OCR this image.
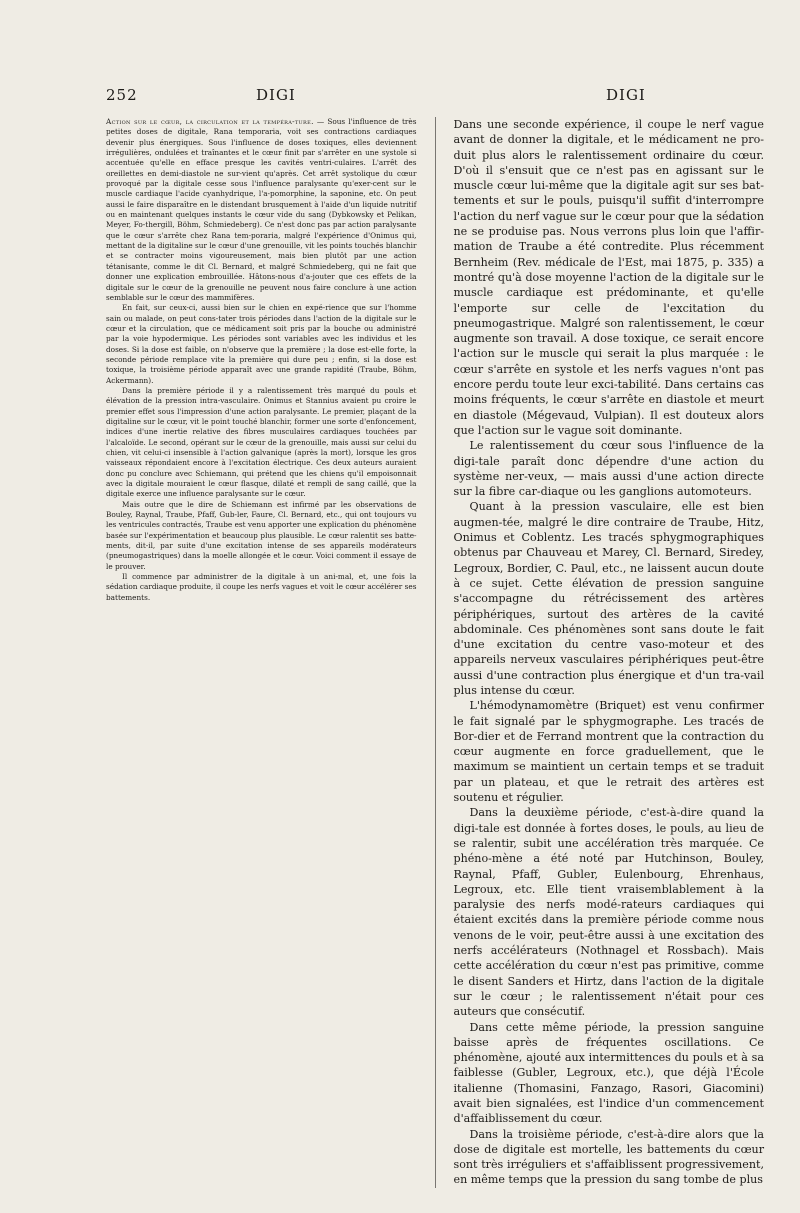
252	DIGI	DIGI

Action sur le cœur, la circulation et la tempéra-ture. — Sous l'influence de très petites doses de digitale, Rana temporaria, voit ses contractions cardiaques devenir plus énergiques. Sous l'influence de doses toxiques, elles deviennent irrégulières, ondulées et traînantes et le cœur finit par s'arrêter en une systole si accentuée qu'elle en efface presque les cavités ventri-culaires. L'arrêt des oreillettes en demi-diastole ne sur-vient qu'après. Cet arrêt systolique du cœur provoqué par la digitale cesse sous l'influence paralysante qu'exer-cent sur le muscle cardiaque l'acide cyanhydrique, l'a-pomorphine, la saponine, etc. On peut aussi le faire disparaître en le distendant brusquement à l'aide d'un liquide nutritif ou en maintenant quelques instants le cœur vide du sang (Dybkowsky et Pelikan, Meyer, Fo-thergill, Böhm, Schmiedeberg). Ce n'est donc pas par action paralysante que le cœur s'arrête chez Rana tem-poraria, malgré l'expérience d'Onimus qui, mettant de la digitaline sur le cœur d'une grenouille, vit les points touchés blanchir et se contracter moins vigoureusement, mais bien plutôt par une action tétanisante, comme le dit Cl. Bernard, et malgré Schmiedeberg, qui ne fait que donner une explication embrouillée. Hâtons-nous d'a-jouter que ces effets de la digitale sur le cœur de la grenouille ne peuvent nous faire conclure à une action semblable sur le cœur des mammifères.

En fait, sur ceux-ci, aussi bien sur le chien en expé-rience que sur l'homme sain ou malade, on peut cons-tater trois périodes dans l'action de la digitale sur le cœur et la circulation, que ce médicament soit pris par la bouche ou administré par la voie hypodermique. Les périodes sont variables avec les individus et les doses. Si la dose est faible, on n'observe que la première ; la dose est-elle forte, la seconde période remplace vite la première qui dure peu ; enfin, si la dose est toxique, la troisième période apparaît avec une grande rapidité (Traube, Böhm, Ackermann).

Dans la première période il y a ralentissement très marqué du pouls et élévation de la pression intra-vasculaire. Onimus et Stannius avaient pu croire le premier effet sous l'impression d'une action paralysante. Le premier, plaçant de la digitaline sur le cœur, vit le point touché blanchir, former une sorte d'enfoncement, indices d'une inertie relative des fibres musculaires cardiaques touchées par l'alcaloïde. Le second, opérant sur le cœur de la grenouille, mais aussi sur celui du chien, vit celui-ci insensible à l'action galvanique (après la mort), lorsque les gros vaisseaux répondaient encore à l'excitation électrique. Ces deux auteurs auraient donc pu conclure avec Schiemann, qui prétend que les chiens qu'il empoisonnait avec la digitale mouraient le cœur flasque, dilaté et rempli de sang caillé, que la digitale exerce une influence paralysante sur le cœur.

Mais outre que le dire de Schiemann est infirmé par les observations de Bouley, Raynal, Traube, Pfaff, Gub-ler, Faure, Cl. Bernard, etc., qui ont toujours vu les ventricules contractés, Traube est venu apporter une explication du phénomène basée sur l'expérimentation et beaucoup plus plausible. Le cœur ralentit ses batte-ments, dit-il, par suite d'une excitation intense de ses appareils modérateurs (pneumogastriques) dans la moelle allongée et le cœur. Voici comment il essaye de le prouver.

Il commence par administrer de la digitale à un ani-mal, et, une fois la sédation cardiaque produite, il coupe les nerfs vagues et voit le cœur accélérer ses battements.

Dans une seconde expérience, il coupe le nerf vague avant de donner la digitale, et le médicament ne pro-duit plus alors le ralentissement ordinaire du cœur. D'où il s'ensuit que ce n'est pas en agissant sur le muscle cœur lui-même que la digitale agit sur ses bat-tements et sur le pouls, puisqu'il suffit d'interrompre l'action du nerf vague sur le cœur pour que la sédation ne se produise pas. Nous verrons plus loin que l'affir-mation de Traube a été contredite. Plus récemment Bernheim (Rev. médicale de l'Est, mai 1875, p. 335) a montré qu'à dose moyenne l'action de la digitale sur le muscle cardiaque est prédominante, et qu'elle l'emporte sur celle de l'excitation du pneumogastrique. Malgré son ralentissement, le cœur augmente son travail. A dose toxique, ce serait encore l'action sur le muscle qui serait la plus marquée : le cœur s'arrête en systole et les nerfs vagues n'ont pas encore perdu toute leur exci-tabilité. Dans certains cas moins fréquents, le cœur s'arrête en diastole et meurt en diastole (Mégevaud, Vulpian). Il est douteux alors que l'action sur le vague soit dominante.

Le ralentissement du cœur sous l'influence de la digi-tale paraît donc dépendre d'une action du système ner-veux, — mais aussi d'une action directe sur la fibre car-diaque ou les ganglions automoteurs.

Quant à la pression vasculaire, elle est bien augmen-tée, malgré le dire contraire de Traube, Hitz, Onimus et Coblentz. Les tracés sphygmographiques obtenus par Chauveau et Marey, Cl. Bernard, Siredey, Legroux, Bordier, C. Paul, etc., ne laissent aucun doute à ce sujet. Cette élévation de pression sanguine s'accompagne du rétrécissement des artères périphériques, surtout des artères de la cavité abdominale. Ces phénomènes sont sans doute le fait d'une excitation du centre vaso-moteur et des appareils nerveux vasculaires périphériques peut-être aussi d'une contraction plus énergique et d'un tra-vail plus intense du cœur.

L'hémodynamomètre (Briquet) est venu confirmer le fait signalé par le sphygmographe. Les tracés de Bor-dier et de Ferrand montrent que la contraction du cœur augmente en force graduellement, que le maximum se maintient un certain temps et se traduit par un plateau, et que le retrait des artères est soutenu et régulier.

Dans la deuxième période, c'est-à-dire quand la digi-tale est donnée à fortes doses, le pouls, au lieu de se ralentir, subit une accélération très marquée. Ce phéno-mène a été noté par Hutchinson, Bouley, Raynal, Pfaff, Gubler, Eulenbourg, Ehrenhaus, Legroux, etc. Elle tient vraisemblablement à la paralysie des nerfs modé-rateurs cardiaques qui étaient excités dans la première période comme nous venons de le voir, peut-être aussi à une excitation des nerfs accélérateurs (Nothnagel et Rossbach). Mais cette accélération du cœur n'est pas primitive, comme le disent Sanders et Hirtz, dans l'action de la digitale sur le cœur ; le ralentissement n'était pour ces auteurs que consécutif.

Dans cette même période, la pression sanguine baisse après de fréquentes oscillations. Ce phénomène, ajouté aux intermittences du pouls et à sa faiblesse (Gubler, Legroux, etc.), que déjà l'École italienne (Thomasini, Fanzago, Rasori, Giacomini) avait bien signalées, est l'indice d'un commencement d'affaiblissement du cœur.

Dans la troisième période, c'est-à-dire alors que la dose de digitale est mortelle, les battements du cœur sont très irréguliers et s'affaiblissent progressivement, en même temps que la pression du sang tombe de plus
